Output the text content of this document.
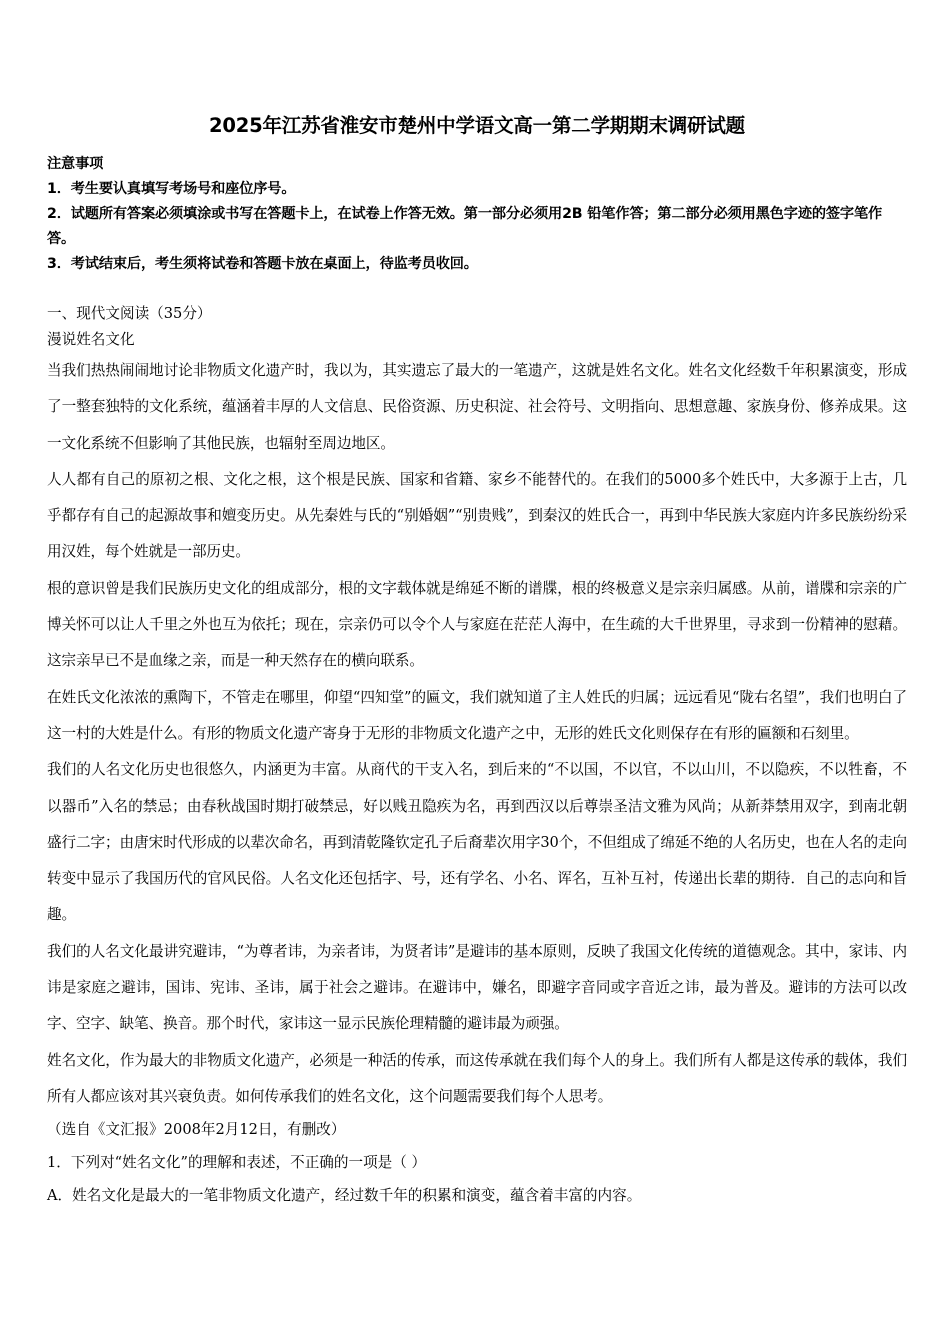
2025年江苏省淮安市楚州中学语文高一第二学期期末调研试题

注意事项

1．考生要认真填写考场号和座位序号。

2．试题所有答案必须填涂或书写在答题卡上，在试卷上作答无效。第一部分必须用2B 铅笔作答；第二部分必须用黑色字迹的签字笔作答。

3．考试结束后，考生须将试卷和答题卡放在桌面上，待监考员收回。

一、现代文阅读（35分）
漫说姓名文化

当我们热热闹闹地讨论非物质文化遗产时，我以为，其实遗忘了最大的一笔遗产，这就是姓名文化。姓名文化经数千年积累演变，形成了一整套独特的文化系统，蕴涵着丰厚的人文信息、民俗资源、历史积淀、社会符号、文明指向、思想意趣、家族身份、修养成果。这一文化系统不但影响了其他民族，也辐射至周边地区。

人人都有自己的原初之根、文化之根，这个根是民族、国家和省籍、家乡不能替代的。在我们的5000多个姓氏中，大多源于上古，几乎都存有自己的起源故事和嬗变历史。从先秦姓与氏的“别婚姻”“别贵贱”，到秦汉的姓氏合一，再到中华民族大家庭内许多民族纷纷采用汉姓，每个姓就是一部历史。

根的意识曾是我们民族历史文化的组成部分，根的文字载体就是绵延不断的谱牒，根的终极意义是宗亲归属感。从前，谱牒和宗亲的广博关怀可以让人千里之外也互为依托；现在，宗亲仍可以令个人与家庭在茫茫人海中，在生疏的大千世界里，寻求到一份精神的慰藉。这宗亲早已不是血缘之亲，而是一种天然存在的横向联系。

在姓氏文化浓浓的熏陶下，不管走在哪里，仰望“四知堂”的匾文，我们就知道了主人姓氏的归属；远远看见“陇右名望”，我们也明白了这一村的大姓是什么。有形的物质文化遗产寄身于无形的非物质文化遗产之中，无形的姓氏文化则保存在有形的匾额和石刻里。

我们的人名文化历史也很悠久，内涵更为丰富。从商代的干支入名，到后来的“不以国，不以官，不以山川，不以隐疾，不以牲畜，不以器币”入名的禁忌；由春秋战国时期打破禁忌，好以贱丑隐疾为名，再到西汉以后尊崇圣洁文雅为风尚；从新莽禁用双字，到南北朝盛行二字；由唐宋时代形成的以辈次命名，再到清乾隆钦定孔子后裔辈次用字30个，不但组成了绵延不绝的人名历史，也在人名的走向转变中显示了我国历代的官风民俗。人名文化还包括字、号，还有学名、小名、诨名，互补互衬，传递出长辈的期待．自己的志向和旨趣。

我们的人名文化最讲究避讳，“为尊者讳，为亲者讳，为贤者讳”是避讳的基本原则，反映了我国文化传统的道德观念。其中，家讳、内讳是家庭之避讳，国讳、宪讳、圣讳，属于社会之避讳。在避讳中，嫌名，即避字音同或字音近之讳，最为普及。避讳的方法可以改字、空字、缺笔、换音。那个时代，家讳这一显示民族伦理精髓的避讳最为顽强。

姓名文化，作为最大的非物质文化遗产，必须是一种活的传承，而这传承就在我们每个人的身上。我们所有人都是这传承的载体，我们所有人都应该对其兴衰负责。如何传承我们的姓名文化，这个问题需要我们每个人思考。

（选自《文汇报》2008年2月12日，有删改）
1．下列对“姓名文化”的理解和表述，不正确的一项是（ ）
A．姓名文化是最大的一笔非物质文化遗产，经过数千年的积累和演变，蕴含着丰富的内容。
